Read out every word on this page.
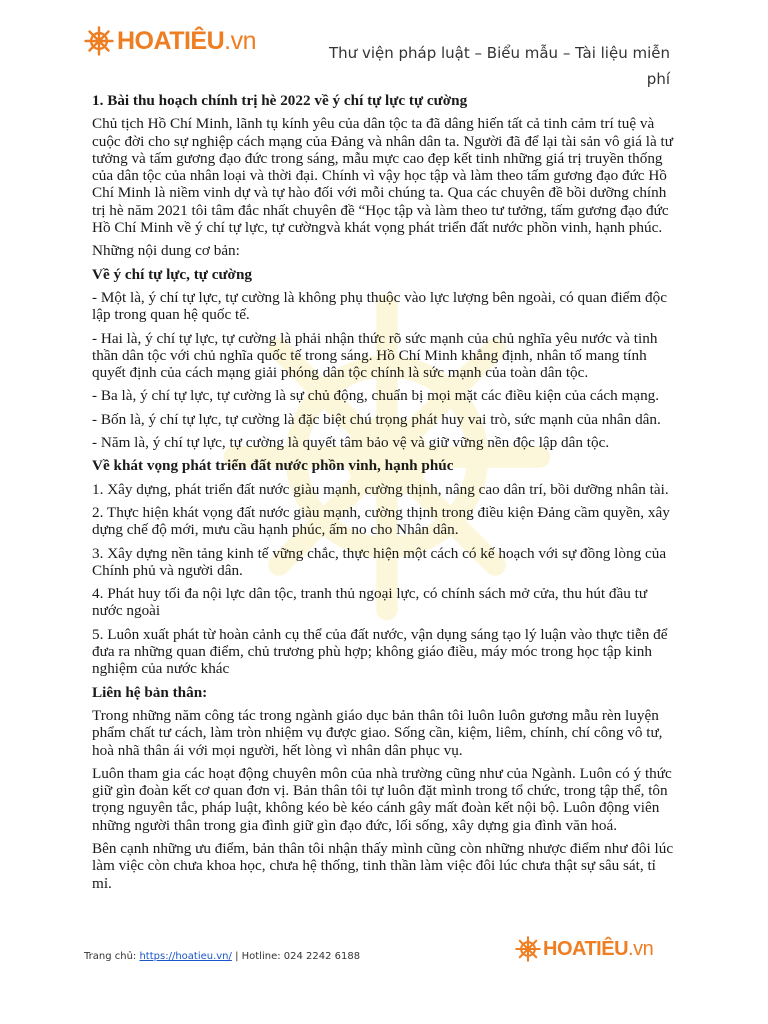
HOATIÊU.vn	Thư viện pháp luật – Biểu mẫu – Tài liệu miễn phí

1. Bài thu hoạch chính trị hè 2022 về ý chí tự lực tự cường

Chủ tịch Hồ Chí Minh, lãnh tụ kính yêu của dân tộc ta đã dâng hiến tất cả tinh cảm trí tuệ và cuộc đời cho sự nghiệp cách mạng của Đảng và nhân dân ta. Người đã để lại tài sản vô giá là tư tưởng và tấm gương đạo đức trong sáng, mẫu mực cao đẹp kết tinh những giá trị truyền thống của dân tộc của nhân loại và thời đại. Chính vì vậy học tập và làm theo tấm gương đạo đức Hồ Chí Minh là niềm vinh dự và tự hào đối với mỗi chúng ta. Qua các chuyên đề bồi dưỡng chính trị hè năm 2021 tôi tâm đắc nhất chuyên đề “Học tập và làm theo tư tưởng, tấm gương đạo đức Hồ Chí Minh về ý chí tự lực, tự cườngvà khát vọng phát triển đất nước phồn vinh, hạnh phúc.

Những nội dung cơ bản:

Về ý chí tự lực, tự cường

- Một là, ý chí tự lực, tự cường là không phụ thuộc vào lực lượng bên ngoài, có quan điểm độc lập trong quan hệ quốc tế.

- Hai là, ý chí tự lực, tự cường là phải nhận thức rõ sức mạnh của chủ nghĩa yêu nước và tinh thần dân tộc với chủ nghĩa quốc tế trong sáng. Hồ Chí Minh khẳng định, nhân tố mang tính quyết định của cách mạng giải phóng dân tộc chính là sức mạnh của toàn dân tộc.

- Ba là, ý chí tự lực, tự cường là sự chủ động, chuẩn bị mọi mặt các điều kiện của cách mạng.

- Bốn là, ý chí tự lực, tự cường là đặc biệt chú trọng phát huy vai trò, sức mạnh của nhân dân.

- Năm là, ý chí tự lực, tự cường là quyết tâm bảo vệ và giữ vững nền độc lập dân tộc.

Về khát vọng phát triển đất nước phồn vinh, hạnh phúc

1. Xây dựng, phát triển đất nước giàu mạnh, cường thịnh, nâng cao dân trí, bồi dưỡng nhân tài.

2. Thực hiện khát vọng đất nước giàu mạnh, cường thịnh trong điều kiện Đảng cầm quyền, xây dựng chế độ mới, mưu cầu hạnh phúc, ấm no cho Nhân dân.

3. Xây dựng nền tảng kinh tế vững chắc, thực hiện một cách có kế hoạch với sự đồng lòng của Chính phủ và người dân.

4. Phát huy tối đa nội lực dân tộc, tranh thủ ngoại lực, có chính sách mở cửa, thu hút đầu tư nước ngoài

5. Luôn xuất phát từ hoàn cảnh cụ thể của đất nước, vận dụng sáng tạo lý luận vào thực tiễn để đưa ra những quan điểm, chủ trương phù hợp; không giáo điều, máy móc trong học tập kinh nghiệm của nước khác

Liên hệ bản thân:

Trong những năm công tác trong ngành giáo dục bản thân tôi luôn luôn gương mẫu rèn luyện phẩm chất tư cách, làm tròn nhiệm vụ được giao. Sống cần, kiệm, liêm, chính, chí công vô tư, hoà nhã thân ái với mọi người, hết lòng vì nhân dân phục vụ.

Luôn tham gia các hoạt động chuyên môn của nhà trường cũng như của Ngành. Luôn có ý thức giữ gìn đoàn kết cơ quan đơn vị. Bản thân tôi tự luôn đặt mình trong tổ chức, trong tập thể, tôn trọng nguyên tắc, pháp luật, không kéo bè kéo cánh gây mất đoàn kết nội bộ. Luôn động viên những người thân trong gia đình giữ gìn đạo đức, lối sống, xây dựng gia đình văn hoá.

Bên cạnh những ưu điểm, bản thân tôi nhận thấy mình cũng còn những nhược điểm như đôi lúc làm việc còn chưa khoa học, chưa hệ thống, tinh thần làm việc đôi lúc chưa thật sự sâu sát, tỉ mỉ.

Trang chủ: https://hoatieu.vn/ | Hotline: 024 2242 6188	HOATIÊU.vn
